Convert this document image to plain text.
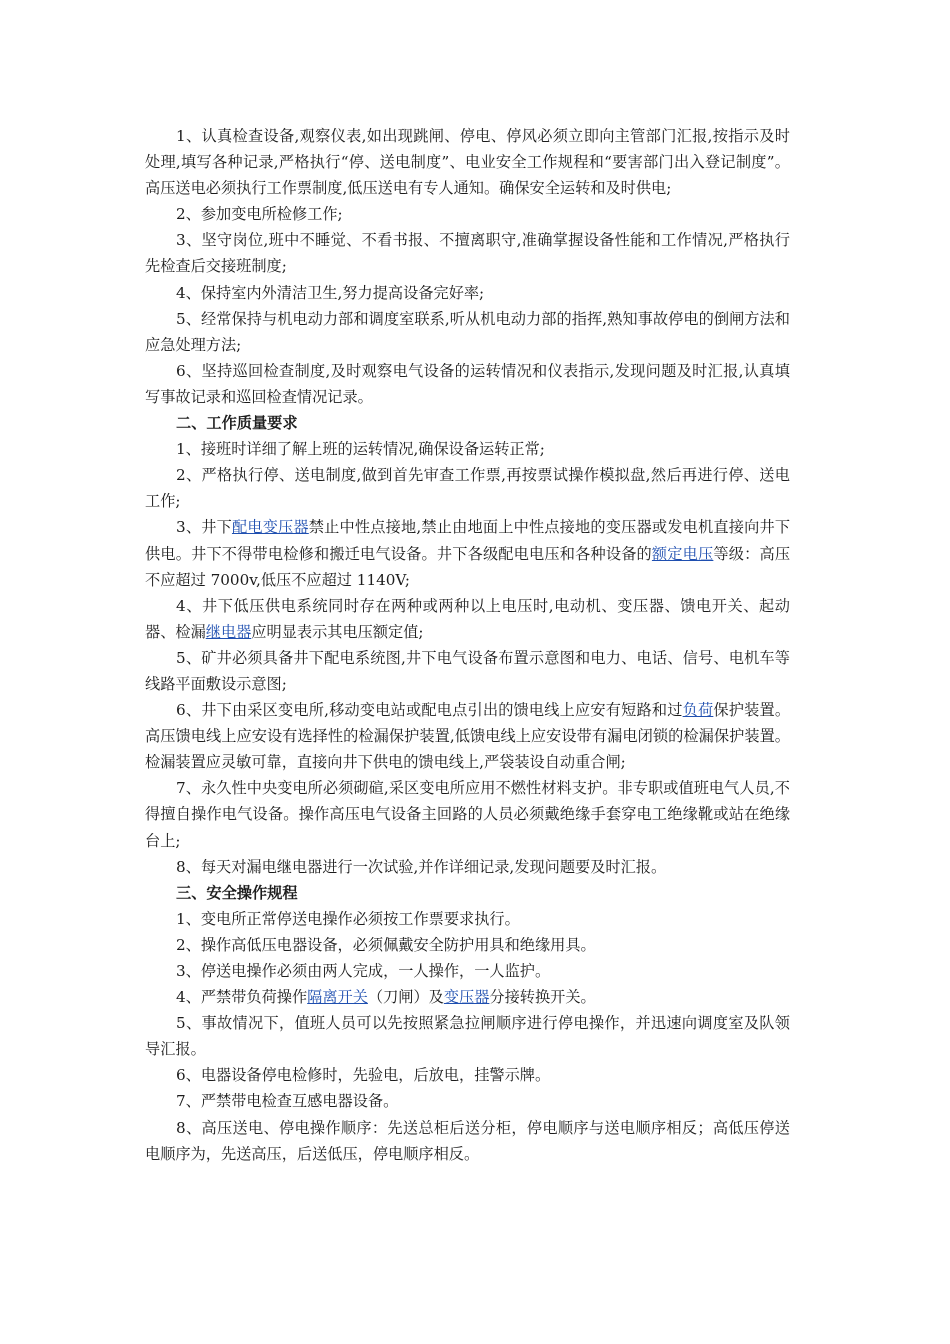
1、认真检查设备,观察仪表,如出现跳闸、停电、停风必须立即向主管部门汇报,按指示及时处理,填写各种记录,严格执行“停、送电制度”、电业安全工作规程和“要害部门出入登记制度”。高压送电必须执行工作票制度,低压送电有专人通知。确保安全运转和及时供电;

2、参加变电所检修工作;

3、坚守岗位,班中不睡觉、不看书报、不擅离职守,准确掌握设备性能和工作情况,严格执行先检查后交接班制度;

4、保持室内外清洁卫生,努力提高设备完好率;

5、经常保持与机电动力部和调度室联系,听从机电动力部的指挥,熟知事故停电的倒闸方法和应急处理方法;

6、坚持巡回检查制度,及时观察电气设备的运转情况和仪表指示,发现问题及时汇报,认真填写事故记录和巡回检查情况记录。

二、工作质量要求

1、接班时详细了解上班的运转情况,确保设备运转正常;

2、严格执行停、送电制度,做到首先审查工作票,再按票试操作模拟盘,然后再进行停、送电工作;

3、井下配电变压器禁止中性点接地,禁止由地面上中性点接地的变压器或发电机直接向井下供电。井下不得带电检修和搬迁电气设备。井下各级配电电压和各种设备的额定电压等级：高压不应超过 7000v,低压不应超过 1140V;

4、井下低压供电系统同时存在两种或两种以上电压时,电动机、变压器、馈电开关、起动器、检漏继电器应明显表示其电压额定值;

5、矿井必须具备井下配电系统图,井下电气设备布置示意图和电力、电话、信号、电机车等线路平面敷设示意图;

6、井下由采区变电所,移动变电站或配电点引出的馈电线上应安有短路和过负荷保护装置。高压馈电线上应安设有选择性的检漏保护装置,低馈电线上应安设带有漏电闭锁的检漏保护装置。检漏装置应灵敏可靠，直接向井下供电的馈电线上,严袋装设自动重合闸;

7、永久性中央变电所必须砌碹,采区变电所应用不燃性材料支护。非专职或值班电气人员,不得擅自操作电气设备。操作高压电气设备主回路的人员必须戴绝缘手套穿电工绝缘靴或站在绝缘台上;

8、每天对漏电继电器进行一次试验,并作详细记录,发现问题要及时汇报。

三、安全操作规程

1、变电所正常停送电操作必须按工作票要求执行。

2、操作高低压电器设备，必须佩戴安全防护用具和绝缘用具。

3、停送电操作必须由两人完成，一人操作，一人监护。

4、严禁带负荷操作隔离开关（刀闸）及变压器分接转换开关。

5、事故情况下，值班人员可以先按照紧急拉闸顺序进行停电操作，并迅速向调度室及队领导汇报。

6、电器设备停电检修时，先验电，后放电，挂警示牌。

7、严禁带电检查互感电器设备。

8、高压送电、停电操作顺序：先送总柜后送分柜，停电顺序与送电顺序相反；高低压停送电顺序为，先送高压，后送低压，停电顺序相反。
